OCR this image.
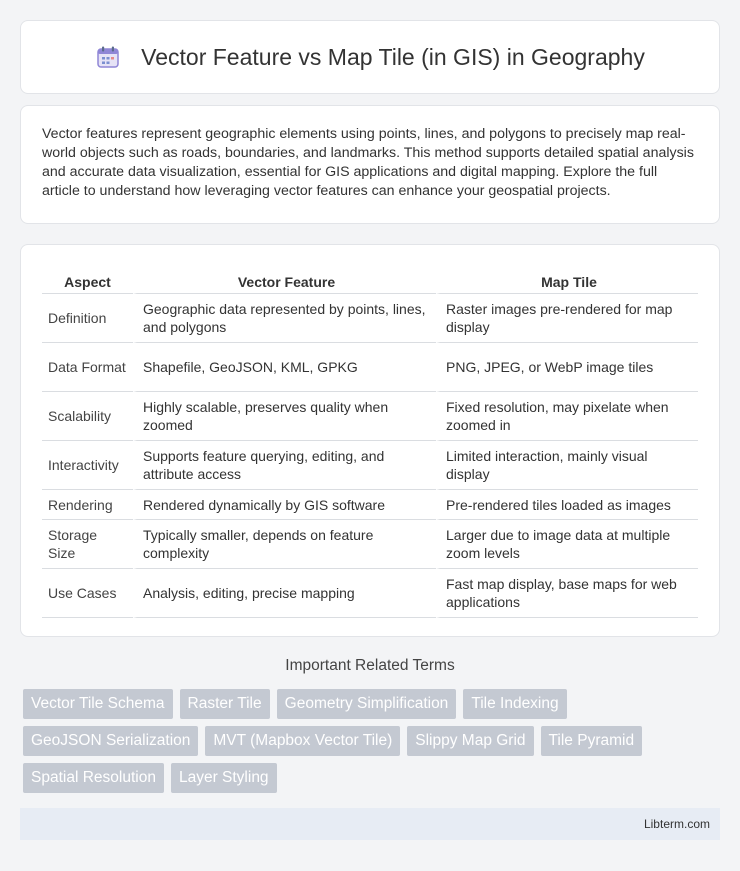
Vector Feature vs Map Tile (in GIS) in Geography

Vector features represent geographic elements using points, lines, and polygons to precisely map real-world objects such as roads, boundaries, and landmarks. This method supports detailed spatial analysis and accurate data visualization, essential for GIS applications and digital mapping. Explore the full article to understand how leveraging vector features can enhance your geospatial projects.

Aspect	Vector Feature	Map Tile
Definition	Geographic data represented by points, lines, and polygons	Raster images pre-rendered for map display
Data Format	Shapefile, GeoJSON, KML, GPKG	PNG, JPEG, or WebP image tiles
Scalability	Highly scalable, preserves quality when zoomed	Fixed resolution, may pixelate when zoomed in
Interactivity	Supports feature querying, editing, and attribute access	Limited interaction, mainly visual display
Rendering	Rendered dynamically by GIS software	Pre-rendered tiles loaded as images
Storage Size	Typically smaller, depends on feature complexity	Larger due to image data at multiple zoom levels
Use Cases	Analysis, editing, precise mapping	Fast map display, base maps for web applications
Important Related Terms
Vector Tile Schema	Raster Tile	Geometry Simplification	Tile Indexing
GeoJSON Serialization	MVT (Mapbox Vector Tile)	Slippy Map Grid	Tile Pyramid
Spatial Resolution	Layer Styling
Libterm.com
